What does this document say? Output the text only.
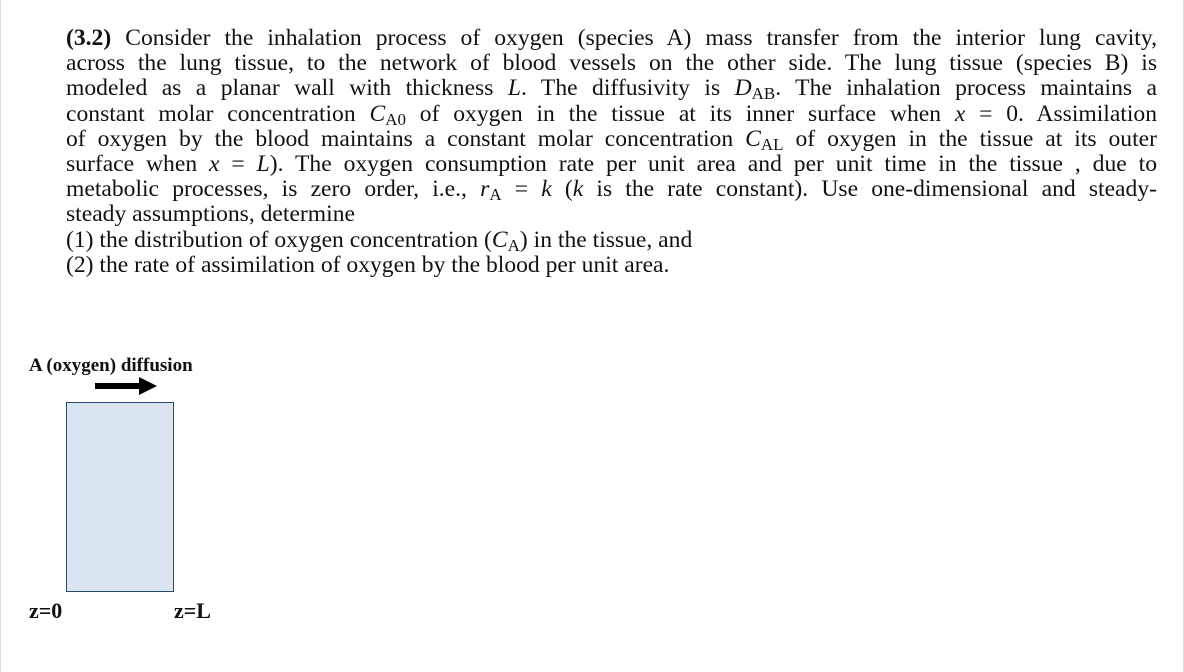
(3.2) Consider the inhalation process of oxygen (species A) mass transfer from the interior lung cavity,
across the lung tissue, to the network of blood vessels on the other side. The lung tissue (species B) is
modeled as a planar wall with thickness L. The diffusivity is $D_{AB}$. The inhalation process maintains a
constant molar concentration $C_{A0}$ of oxygen in the tissue at its inner surface when x = 0. Assimilation
of oxygen by the blood maintains a constant molar concentration $C_{AL}$ of oxygen in the tissue at its outer
surface when x = L). The oxygen consumption rate per unit area and per unit time in the tissue , due to
metabolic processes, is zero order, i.e., $r_A = k$ (k is the rate constant). Use one-dimensional and steady-
steady assumptions, determine
(1) the distribution of oxygen concentration $(C_A)$ in the tissue, and
(2) the rate of assimilation of oxygen by the blood per unit area.
A (oxygen) diffusion
z=0	z=L
